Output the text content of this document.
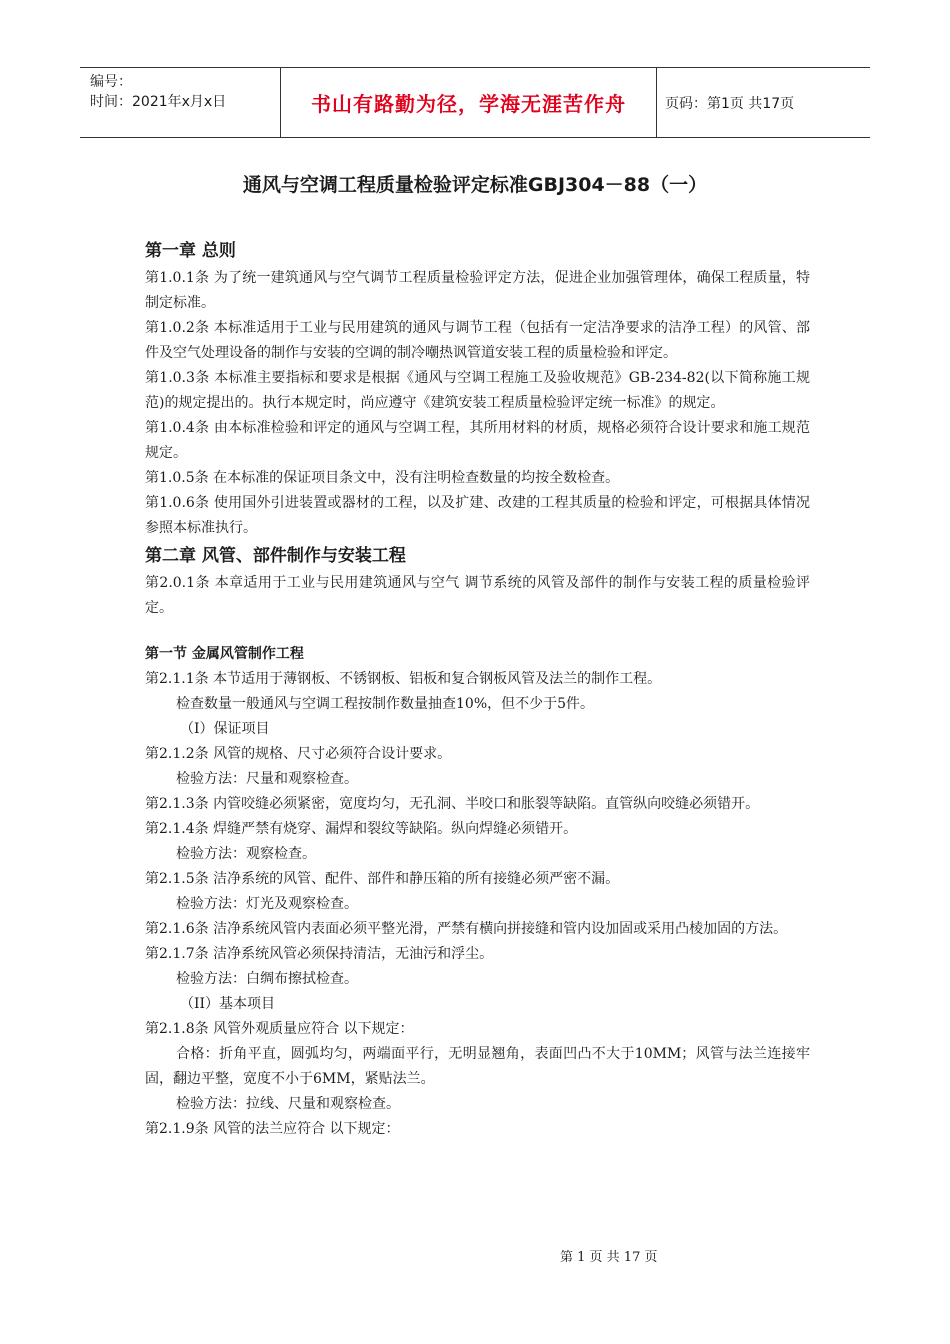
编号：
时间：2021年x月x日	书山有路勤为径，学海无涯苦作舟	页码：第1页 共17页
通风与空调工程质量检验评定标准GBJ304－88（一）
第一章 总则
第1.0.1条 为了统一建筑通风与空气调节工程质量检验评定方法，促进企业加强管理体，确保工程质量，特制定标准。
第1.0.2条 本标准适用于工业与民用建筑的通风与调节工程（包括有一定洁净要求的洁净工程）的风管、部件及空气处理设备的制作与安装的空调的制冷嘲热讽管道安装工程的质量检验和评定。
第1.0.3条 本标准主要指标和要求是根据《通风与空调工程施工及验收规范》GB-234-82(以下简称施工规范)的规定提出的。执行本规定时，尚应遵守《建筑安装工程质量检验评定统一标准》的规定。
第1.0.4条 由本标准检验和评定的通风与空调工程，其所用材料的材质，规格必须符合设计要求和施工规范规定。
第1.0.5条 在本标准的保证项目条文中，没有注明检查数量的均按全数检查。
第1.0.6条 使用国外引进装置或器材的工程，以及扩建、改建的工程其质量的检验和评定，可根据具体情况参照本标准执行。
第二章 风管、部件制作与安装工程
第2.0.1条 本章适用于工业与民用建筑通风与空气 调节系统的风管及部件的制作与安装工程的质量检验评定。
第一节 金属风管制作工程
第2.1.1条 本节适用于薄钢板、不锈钢板、铝板和复合钢板风管及法兰的制作工程。
检查数量一般通风与空调工程按制作数量抽查10%，但不少于5件。
（I）保证项目
第2.1.2条 风管的规格、尺寸必须符合设计要求。
检验方法：尺量和观察检查。
第2.1.3条 内管咬缝必须紧密，宽度均匀，无孔洞、半咬口和胀裂等缺陷。直管纵向咬缝必须错开。
第2.1.4条 焊缝严禁有烧穿、漏焊和裂纹等缺陷。纵向焊缝必须错开。
检验方法：观察检查。
第2.1.5条 洁净系统的风管、配件、部件和静压箱的所有接缝必须严密不漏。
检验方法：灯光及观察检查。
第2.1.6条 洁净系统风管内表面必须平整光滑，严禁有横向拼接缝和管内设加固或采用凸棱加固的方法。
第2.1.7条 洁净系统风管必须保持清洁，无油污和浮尘。
检验方法：白绸布擦拭检查。
（II）基本项目
第2.1.8条 风管外观质量应符合 以下规定：
合格：折角平直，圆弧均匀，两端面平行，无明显翘角，表面凹凸不大于10MM；风管与法兰连接牢固，翻边平整，宽度不小于6MM，紧贴法兰。
检验方法：拉线、尺量和观察检查。
第2.1.9条 风管的法兰应符合 以下规定：
第 1 页 共 17 页
